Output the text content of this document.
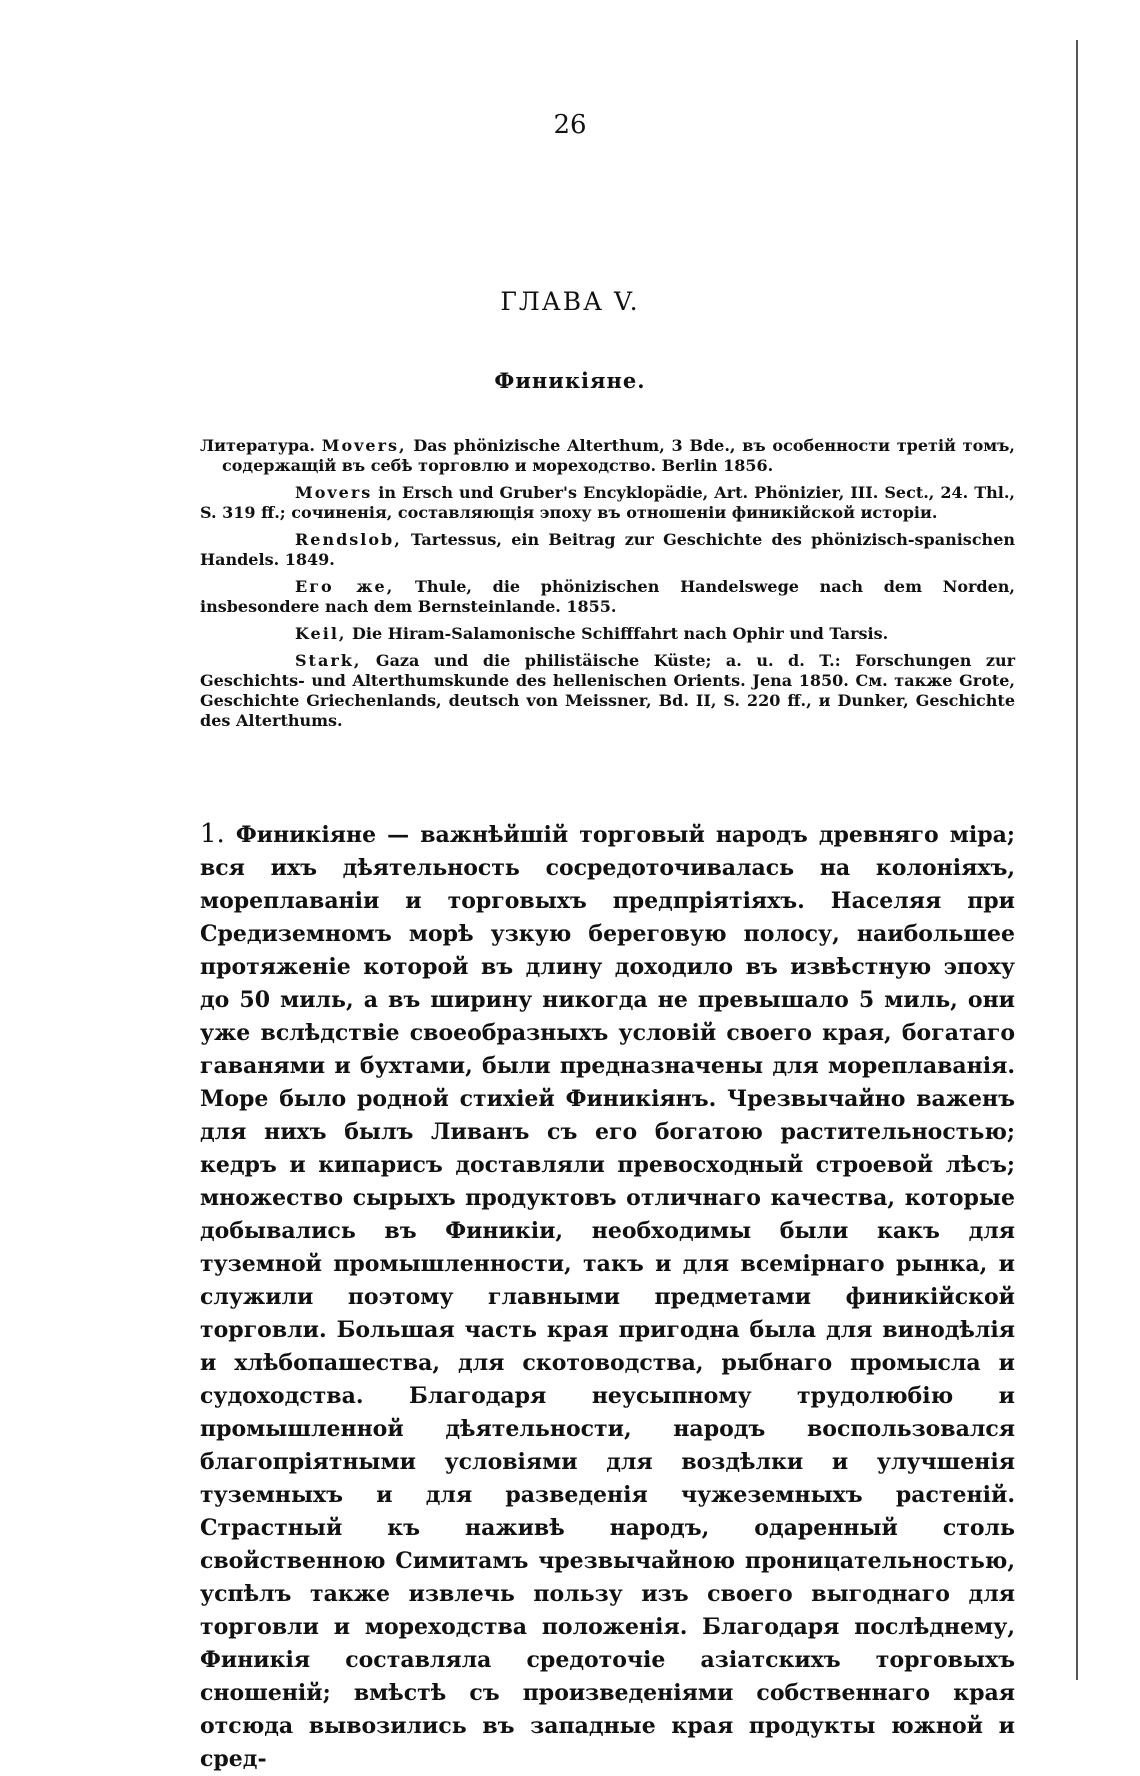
26
ГЛАВА V.
Финикіяне.

Литература. Movers, Das phönizische Alterthum, 3 Bde., въ особенности третій томъ, содержащій въ себѣ торговлю и мореходство. Berlin 1856.

Movers in Ersch und Gruber's Encyklopädie, Art. Phönizier, III. Sect., 24. Thl., S. 319 ff.; сочиненія, составляющія эпоху въ отношеніи финикійской исторіи.

Rendslob, Tartessus, ein Beitrag zur Geschichte des phönizisch-spanischen Handels. 1849.

Его же, Thule, die phönizischen Handelswege nach dem Norden, insbesondere nach dem Bernsteinlande. 1855.

Keil, Die Hiram-Salamonische Schifffahrt nach Ophir und Tarsis.

Stark, Gaza und die philistäische Küste; a. u. d. T.: Forschungen zur Geschichts- und Alterthumskunde des hellenischen Orients. Jena 1850. См. также Grote, Geschichte Griechenlands, deutsch von Meissner, Bd. II, S. 220 ff., и Dunker, Geschichte des Alterthums.

1. Финикіяне — важнѣйшій торговый народъ древняго міра; вся ихъ дѣятельность сосредоточивалась на колоніяхъ, мореплаваніи и торговыхъ предпріятіяхъ. Населяя при Средиземномъ морѣ узкую береговую полосу, наибольшее протяженіе которой въ длину доходило въ извѣстную эпоху до 50 миль, а въ ширину никогда не превышало 5 миль, они уже вслѣдствіе своеобразныхъ условій своего края, богатаго гаванями и бухтами, были предназначены для мореплаванія. Море было родной стихіей Финикіянъ. Чрезвычайно важенъ для нихъ былъ Ливанъ съ его богатою растительностью; кедръ и кипарисъ доставляли превосходный строевой лѣсъ; множество сырыхъ продуктовъ отличнаго качества, которые добывались въ Финикіи, необходимы были какъ для туземной промышленности, такъ и для всемірнаго рынка, и служили поэтому главными предметами финикійской торговли. Большая часть края пригодна была для винодѣлія и хлѣбопашества, для скотоводства, рыбнаго промысла и судоходства. Благодаря неусыпному трудолюбію и промышленной дѣятельности, народъ воспользовался благопріятными условіями для воздѣлки и улучшенія туземныхъ и для разведенія чужеземныхъ растеній. Страстный къ наживѣ народъ, одаренный столь свойственною Симитамъ чрезвычайною проницательностью, успѣлъ также извлечь пользу изъ своего выгоднаго для торговли и мореходства положенія. Благодаря послѣднему, Финикія составляла средоточіе азіатскихъ торговыхъ сношеній; вмѣстѣ съ произведеніями собственнаго края отсюда вывозились въ западные края продукты южной и сред-
